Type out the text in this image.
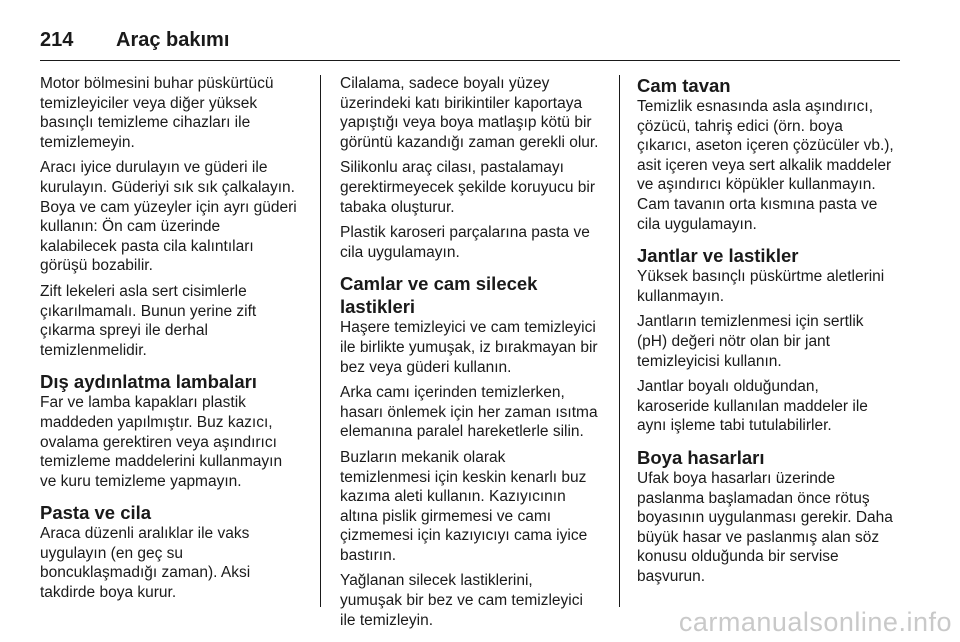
214	Araç bakımı

Motor bölmesini buhar püskürtücü
temizleyiciler veya diğer yüksek
basınçlı temizleme cihazları ile
temizlemeyin.

Aracı iyice durulayın ve güderi ile
kurulayın. Güderiyi sık sık çalkalayın.
Boya ve cam yüzeyler için ayrı güderi
kullanın: Ön cam üzerinde
kalabilecek pasta cila kalıntıları
görüşü bozabilir.

Zift lekeleri asla sert cisimlerle
çıkarılmamalı. Bunun yerine zift
çıkarma spreyi ile derhal
temizlenmelidir.

Dış aydınlatma lambaları

Far ve lamba kapakları plastik
maddeden yapılmıştır. Buz kazıcı,
ovalama gerektiren veya aşındırıcı
temizleme maddelerini kullanmayın
ve kuru temizleme yapmayın.

Pasta ve cila

Araca düzenli aralıklar ile vaks
uygulayın (en geç su
boncuklaşmadığı zaman). Aksi
takdirde boya kurur.

Cilalama, sadece boyalı yüzey
üzerindeki katı birikintiler kaportaya
yapıştığı veya boya matlaşıp kötü bir
görüntü kazandığı zaman gerekli olur.

Silikonlu araç cilası, pastalamayı
gerektirmeyecek şekilde koruyucu bir
tabaka oluşturur.

Plastik karoseri parçalarına pasta ve
cila uygulamayın.

Camlar ve cam silecek lastikleri

Haşere temizleyici ve cam temizleyici
ile birlikte yumuşak, iz bırakmayan bir
bez veya güderi kullanın.

Arka camı içerinden temizlerken,
hasarı önlemek için her zaman ısıtma
elemanına paralel hareketlerle silin.

Buzların mekanik olarak
temizlenmesi için keskin kenarlı buz
kazıma aleti kullanın. Kazıyıcının
altına pislik girmemesi ve camı
çizmemesi için kazıyıcıyı cama iyice
bastırın.

Yağlanan silecek lastiklerini,
yumuşak bir bez ve cam temizleyici
ile temizleyin.

Cam tavan

Temizlik esnasında asla aşındırıcı,
çözücü, tahriş edici (örn. boya
çıkarıcı, aseton içeren çözücüler vb.),
asit içeren veya sert alkalik maddeler
ve aşındırıcı köpükler kullanmayın.
Cam tavanın orta kısmına pasta ve
cila uygulamayın.

Jantlar ve lastikler

Yüksek basınçlı püskürtme aletlerini
kullanmayın.

Jantların temizlenmesi için sertlik
(pH) değeri nötr olan bir jant
temizleyicisi kullanın.

Jantlar boyalı olduğundan,
karoseride kullanılan maddeler ile
aynı işleme tabi tutulabilirler.

Boya hasarları

Ufak boya hasarları üzerinde
paslanma başlamadan önce rötuş
boyasının uygulanması gerekir. Daha
büyük hasar ve paslanmış alan söz
konusu olduğunda bir servise
başvurun.

carmanualsonline.info
